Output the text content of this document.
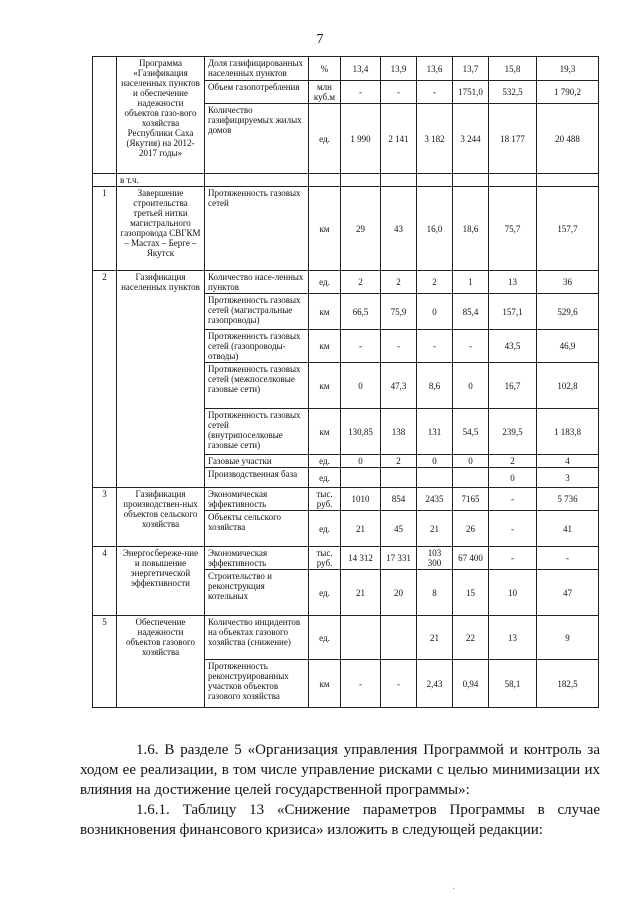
7
	Программа «Газификация населенных пунктов и обеспечение надежности объектов газо-вого хозяйства Республики Саха (Якутия) на 2012-2017 годы»	Доля газифицированных населенных пунктов	%	13,4	13,9	13,6	13,7	15,8	19,3
		Объем газопотребления	млн куб.м	-	-	-	1751,0	532,5	1 790,2
		Количество газифицируемых жилых домов	ед.	1 990	2 141	3 182	3 244	18 177	20 488
	в т.ч.								
1	Завершение строительства третьей нитки магистрального газопровода СВГКМ – Мастах – Берге – Якутск	Протяженность газовых сетей	км	29	43	16,0	18,6	75,7	157,7
2	Газификация населенных пунктов	Количество насе-ленных пунктов	ед.	2	2	2	1	13	36
		Протяженность газовых сетей (магистральные газопроводы)	км	66,5	75,9	0	85,4	157,1	529,6
		Протяженность газовых сетей (газопроводы-отводы)	км	-	-	-	-	43,5	46,9
		Протяженность газовых сетей (межпоселковые газовые сети)	км	0	47,3	8,6	0	16,7	102,8
		Протяженность газовых сетей (внутрипоселковые газовые сети)	км	130,85	138	131	54,5	239,5	1 183,8
		Газовые участки	ед.	0	2	0	0	2	4
		Производственная база	ед.					0	3
3	Газификация производствен-ных объектов сельского хозяйства	Экономическая эффективность	тыс. руб.	1010	854	2435	7165	-	5 736
		Объекты сельского хозяйства	ед.	21	45	21	26	-	41
4	Энергосбереже-ние и повышение энергетической эффективности	Экономическая эффективность	тыс. руб.	14 312	17 331	103 300	67 400	-	-
		Строительство и реконструкция котельных	ед.	21	20	8	15	10	47
5	Обеспечение надежности объектов газового хозяйства	Количество инцидентов на объектах газового хозяйства (снижение)	ед.			21	22	13	9
		Протяженность реконструированных участков объектов газового хозяйства	км	-	-	2,43	0,94	58,1	182,5
1.6. В разделе 5 «Организация управления Программой и контроль за ходом ее реализации, в том числе управление рисками с целью минимизации их влияния на достижение целей государственной программы»:
1.6.1. Таблицу 13 «Снижение параметров Программы в случае возникновения финансового кризиса» изложить в следующей редакции:
·
